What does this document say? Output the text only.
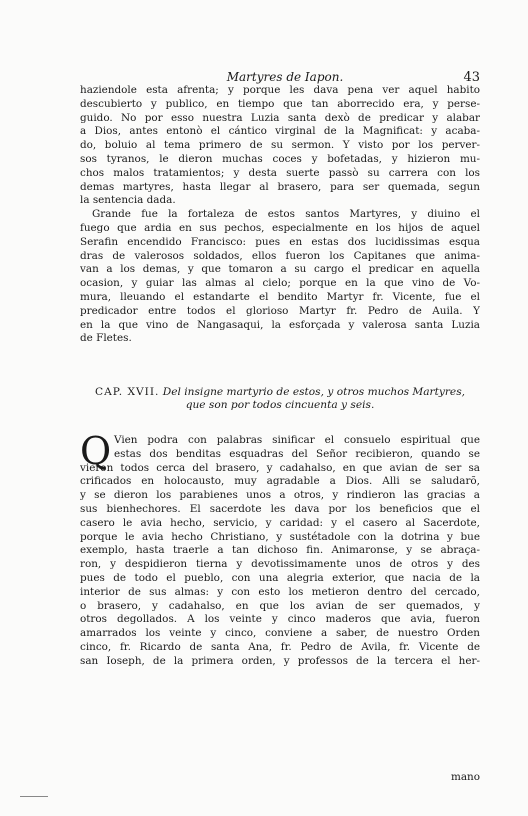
Martyres de Iapon.	43
haziendole esta afrenta; y porque les dava pena ver aquel habito
descubierto y publico, en tiempo que tan aborrecido era, y perse-
guido. No por esso nuestra Luzia santa dexò de predicar y alabar
a Dios, antes entonò el cántico virginal de la Magnificat: y acaba-
do, boluio al tema primero de su sermon. Y visto por los perver-
sos tyranos, le dieron muchas coces y bofetadas, y hizieron mu-
chos malos tratamientos; y desta suerte passò su carrera con los
demas martyres, hasta llegar al brasero, para ser quemada, segun
la sentencia dada.
Grande fue la fortaleza de estos santos Martyres, y diuino el
fuego que ardia en sus pechos, especialmente en los hijos de aquel
Serafin encendido Francisco: pues en estas dos lucidissimas esqua
dras de valerosos soldados, ellos fueron los Capitanes que anima-
van a los demas, y que tomaron a su cargo el predicar en aquella
ocasion, y guiar las almas al cielo; porque en la que vino de Vo-
mura, lleuando el estandarte el bendito Martyr fr. Vicente, fue el
predicador entre todos el glorioso Martyr fr. Pedro de Auila. Y
en la que vino de Nangasaqui, la esforçada y valerosa santa Luzia
de Fletes.
CAP. XVII. Del insigne martyrio de estos, y otros muchos Martyres,
que son por todos cincuenta y seis.
Q Vien podra con palabras sinificar el consuelo espiritual que
estas dos benditas esquadras del Señor recibieron, quando se
vieron todos cerca del brasero, y cadahalso, en que avian de ser sa
crificados en holocausto, muy agradable a Dios. Alli se saludarõ,
y se dieron los parabienes unos a otros, y rindieron las gracias a
sus bienhechores. El sacerdote les dava por los beneficios que el
casero le avia hecho, servicio, y caridad: y el casero al Sacerdote,
porque le avia hecho Christiano, y sustétadole con la dotrina y bue
exemplo, hasta traerle a tan dichoso fin. Animaronse, y se abraça-
ron, y despidieron tierna y devotissimamente unos de otros y des
pues de todo el pueblo, con una alegria exterior, que nacia de la
interior de sus almas: y con esto los metieron dentro del cercado,
o brasero, y cadahalso, en que los avian de ser quemados, y
otros degollados. A los veinte y cinco maderos que avia, fueron
amarrados los veinte y cinco, conviene a saber, de nuestro Orden
cinco, fr. Ricardo de santa Ana, fr. Pedro de Avila, fr. Vicente de
san Ioseph, de la primera orden, y professos de la tercera el her-
mano
